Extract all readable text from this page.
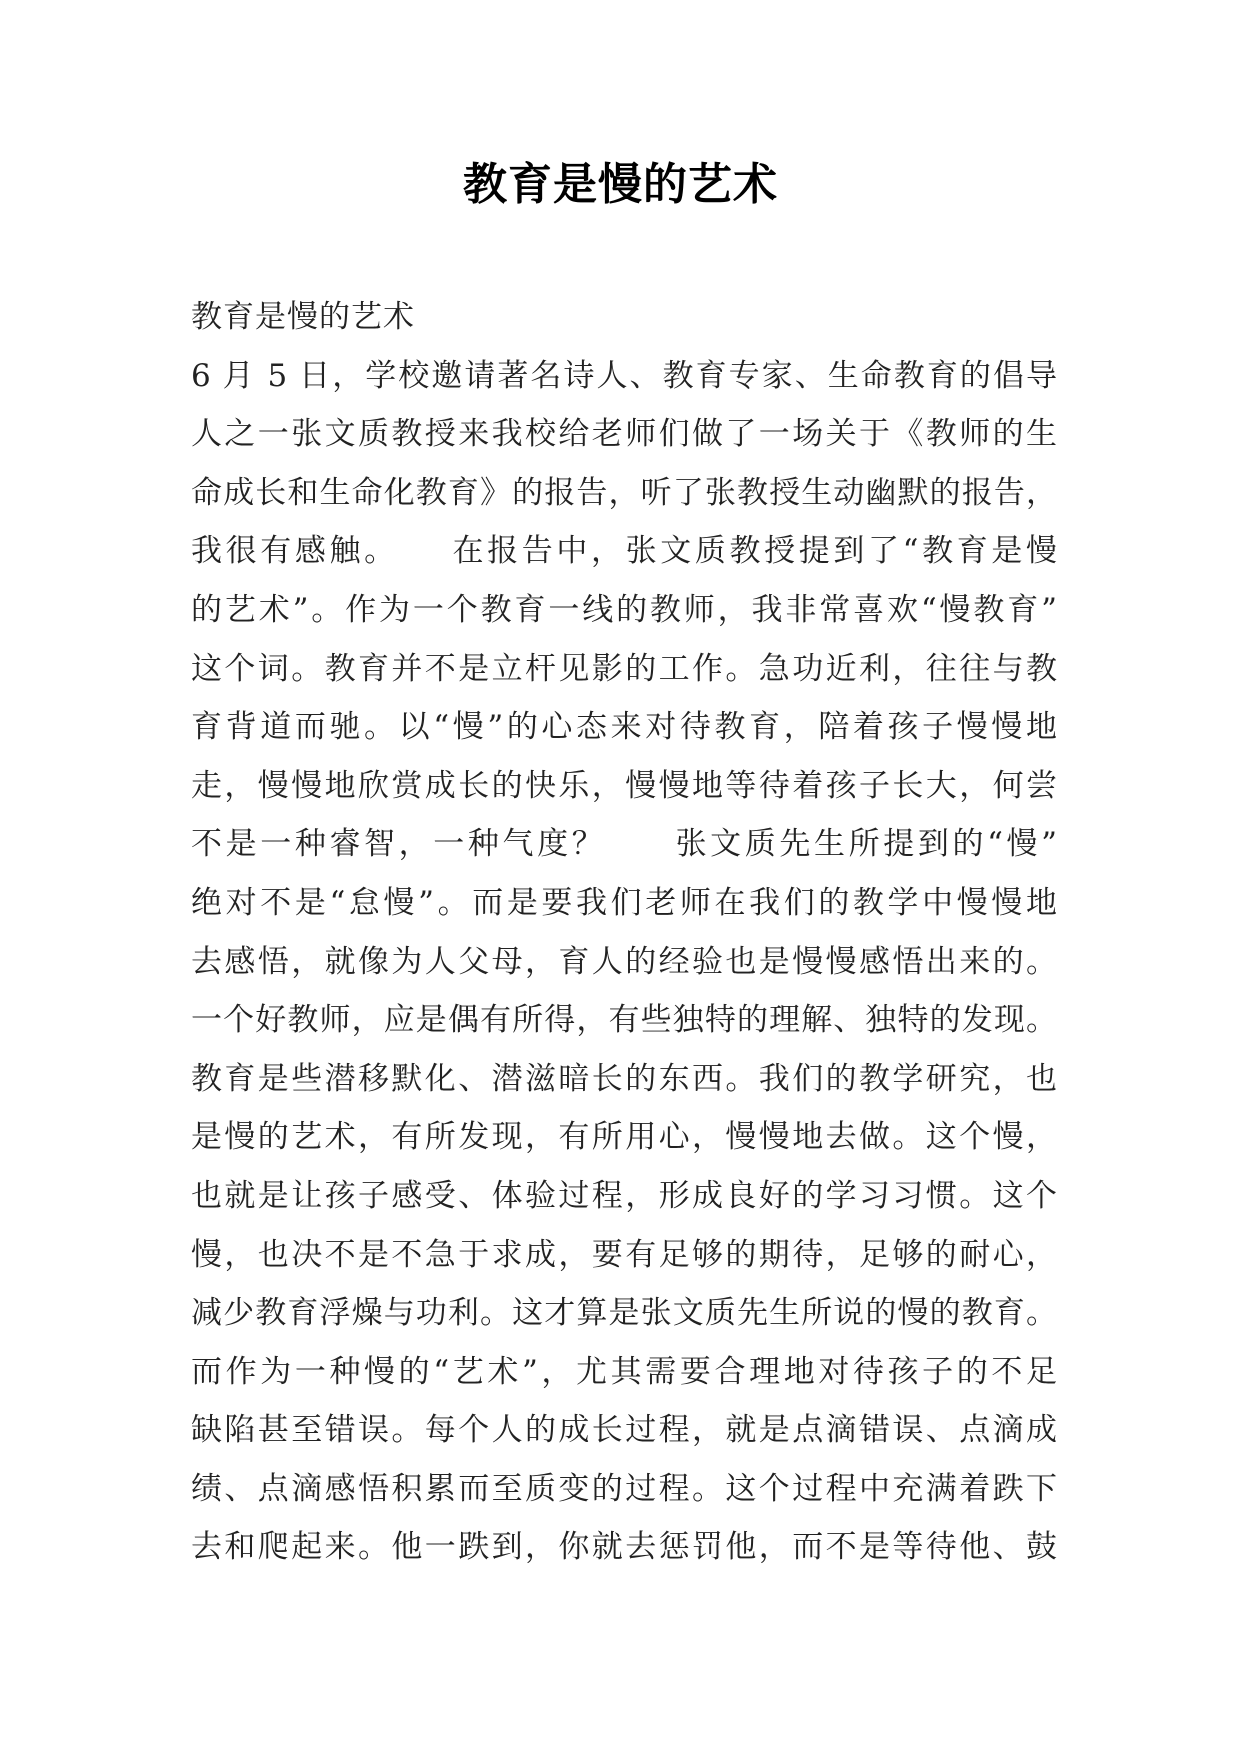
教育是慢的艺术
教育是慢的艺术
6 月 5 日，学校邀请著名诗人、教育专家、生命教育的倡导
人之一张文质教授来我校给老师们做了一场关于《教师的生
命成长和生命化教育》的报告，听了张教授生动幽默的报告，
我很有感触。　　在报告中，张文质教授提到了“教育是慢
的艺术”。作为一个教育一线的教师，我非常喜欢“慢教育”
这个词。教育并不是立杆见影的工作。急功近利，往往与教
育背道而驰。以“慢”的心态来对待教育，陪着孩子慢慢地
走，慢慢地欣赏成长的快乐，慢慢地等待着孩子长大，何尝
不是一种睿智，一种气度？　　张文质先生所提到的“慢”
绝对不是“怠慢”。而是要我们老师在我们的教学中慢慢地
去感悟，就像为人父母，育人的经验也是慢慢感悟出来的。
一个好教师，应是偶有所得，有些独特的理解、独特的发现。
教育是些潜移默化、潜滋暗长的东西。我们的教学研究，也
是慢的艺术，有所发现，有所用心，慢慢地去做。这个慢，
也就是让孩子感受、体验过程，形成良好的学习习惯。这个
慢，也决不是不急于求成，要有足够的期待，足够的耐心，
减少教育浮燥与功利。这才算是张文质先生所说的慢的教育。
而作为一种慢的“艺术”，尤其需要合理地对待孩子的不足
缺陷甚至错误。每个人的成长过程，就是点滴错误、点滴成
绩、点滴感悟积累而至质变的过程。这个过程中充满着跌下
去和爬起来。他一跌到，你就去惩罚他，而不是等待他、鼓
